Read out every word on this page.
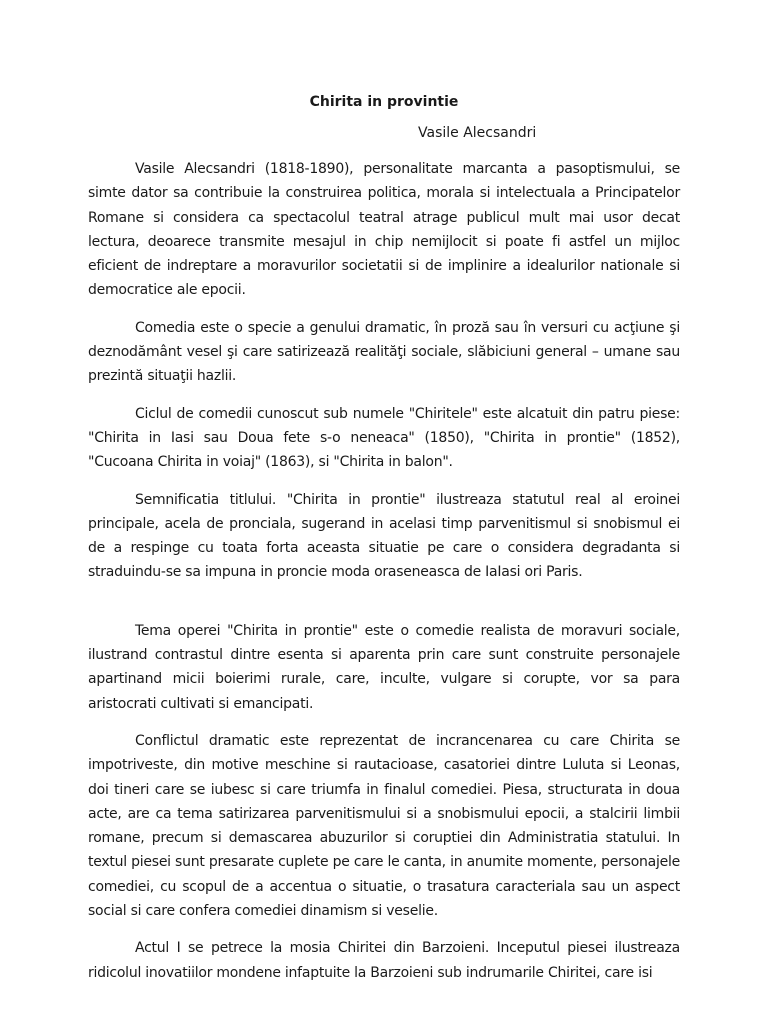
Chirita in provintie
Vasile Alecsandri

Vasile Alecsandri (1818-1890), personalitate marcanta a pasoptismului, se simte dator sa contribuie la construirea politica, morala si intelectuala a Principatelor Romane si considera ca spectacolul teatral atrage publicul mult mai usor decat lectura, deoarece transmite mesajul in chip nemijlocit si poate fi astfel un mijloc eficient de indreptare a moravurilor societatii si de implinire a idealurilor nationale si democratice ale epocii.

Comedia este o specie a genului dramatic, în proză sau în versuri cu acţiune şi deznodământ vesel şi care satirizează realităţi sociale, slăbiciuni general – umane sau prezintă situaţii hazlii.

Ciclul de comedii cunoscut sub numele "Chiritele" este alcatuit din patru piese: "Chirita in Iasi sau Doua fete s-o neneaca" (1850), "Chirita in prontie" (1852), "Cucoana Chirita in voiaj" (1863), si "Chirita in balon".

Semnificatia titlului. "Chirita in prontie" ilustreaza statutul real al eroinei principale, acela de pronciala, sugerand in acelasi timp parvenitismul si snobismul ei de a respinge cu toata forta aceasta situatie pe care o considera degradanta si straduindu-se sa impuna in proncie moda oraseneasca de IaIasi ori Paris.

Tema operei "Chirita in prontie" este o comedie realista de moravuri sociale, ilustrand contrastul dintre esenta si aparenta prin care sunt construite personajele apartinand micii boierimi rurale, care, inculte, vulgare si corupte, vor sa para aristocrati cultivati si emancipati.

Conflictul dramatic este reprezentat de incrancenarea cu care Chirita se impotriveste, din motive meschine si rautacioase, casatoriei dintre Luluta si Leonas, doi tineri care se iubesc si care triumfa in finalul comediei. Piesa, structurata in doua acte, are ca tema satirizarea parvenitismului si a snobismului epocii, a stalcirii limbii romane, precum si demascarea abuzurilor si coruptiei din Administratia statului. In textul piesei sunt presarate cuplete pe care le canta, in anumite momente, personajele comediei, cu scopul de a accentua o situatie, o trasatura caracteriala sau un aspect social si care confera comediei dinamism si veselie.

Actul I se petrece la mosia Chiritei din Barzoieni. Inceputul piesei ilustreaza ridicolul inovatiilor mondene infaptuite la Barzoieni sub indrumarile Chiritei, care isi
